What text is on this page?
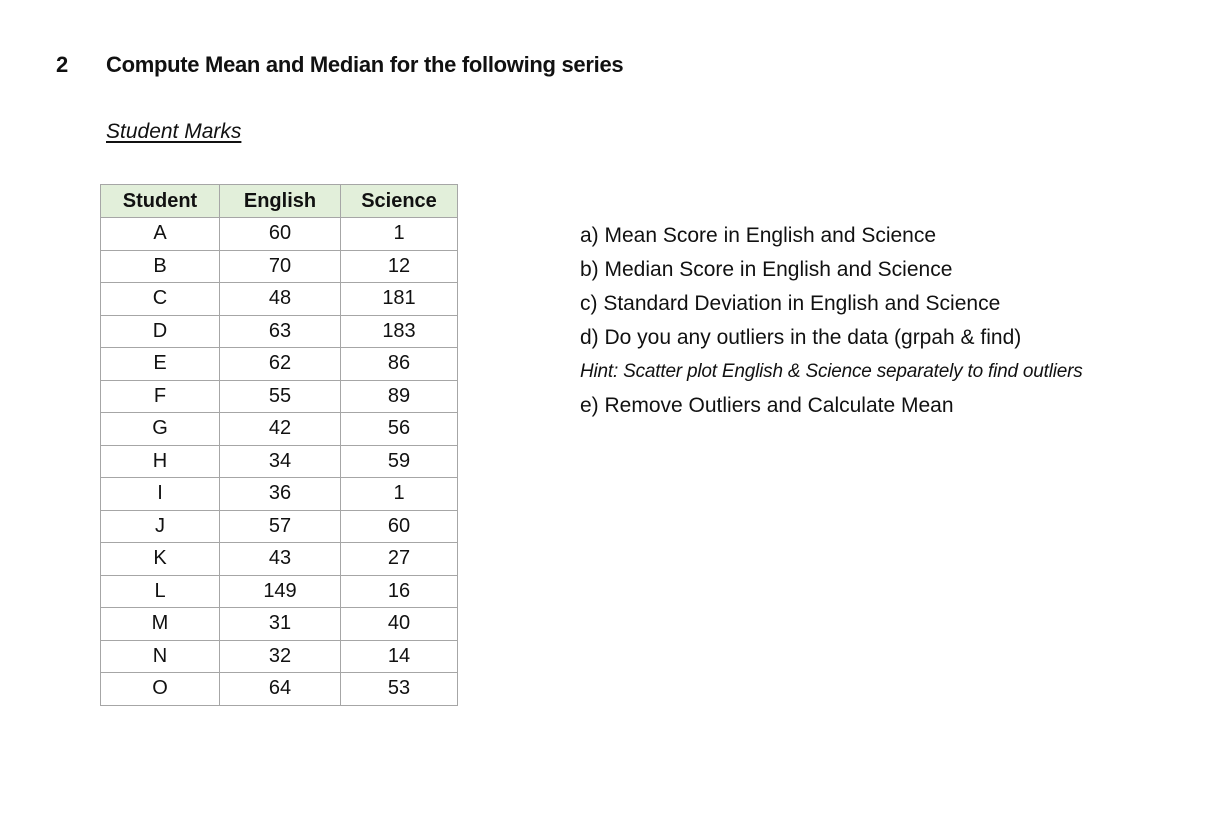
2 Compute Mean and Median for the following series
Student Marks
Student	English	Science
A	60	1
B	70	12
C	48	181
D	63	183
E	62	86
F	55	89
G	42	56
H	34	59
I	36	1
J	57	60
K	43	27
L	149	16
M	31	40
N	32	14
O	64	53
a) Mean Score in English and Science
b) Median Score in English and Science
c) Standard Deviation in English and Science
d) Do you any outliers in the data (grpah & find)
Hint: Scatter plot English & Science separately to find outliers
e) Remove Outliers and Calculate Mean
